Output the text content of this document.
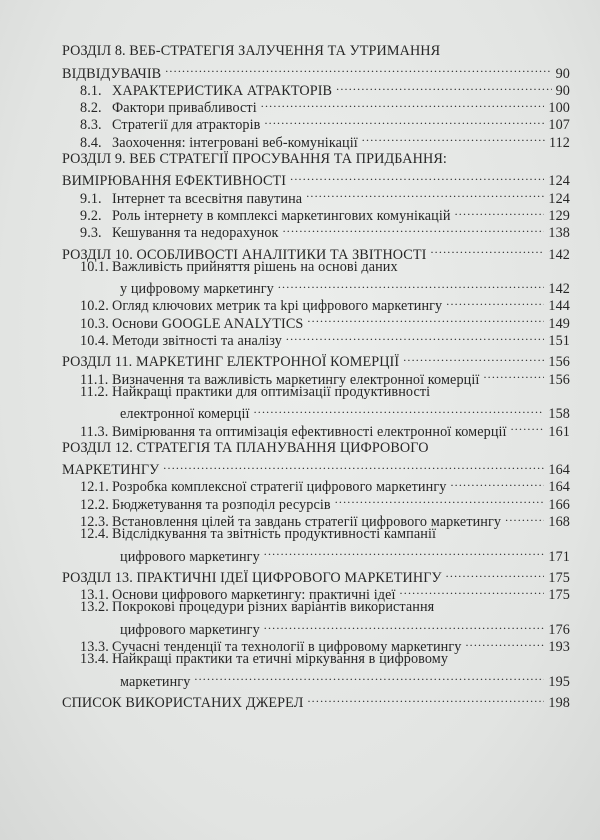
РОЗДІЛ 8. ВЕБ-СТРАТЕГІЯ ЗАЛУЧЕННЯ ТА УТРИМАННЯ
ВІДВІДУВАЧІВ .....	90
8.1. ХАРАКТЕРИСТИКА АТРАКТОРІВ .....	90
8.2. Фактори привабливості .....	100
8.3. Стратегії для атракторів .....	107
8.4. Заохочення: інтегровані веб-комунікації .....	112
РОЗДІЛ 9. ВЕБ СТРАТЕГІЇ ПРОСУВАННЯ ТА ПРИДБАННЯ:
ВИМІРЮВАННЯ ЕФЕКТИВНОСТІ .....	124
9.1. Інтернет та всесвітня павутина .....	124
9.2. Роль інтернету в комплексі маркетингових комунікацій .....	129
9.3. Кешування та недорахунок .....	138
РОЗДІЛ 10. ОСОБЛИВОСТІ АНАЛІТИКИ ТА ЗВІТНОСТІ .....	142
10.1. Важливість прийняття рішень на основі даних
у цифровому маркетингу .....	142
10.2. Огляд ключових метрик та kpi цифрового маркетингу .....	144
10.3. Основи GOOGLE ANALYTICS .....	149
10.4. Методи звітності та аналізу .....	151
РОЗДІЛ 11. МАРКЕТИНГ ЕЛЕКТРОННОЇ КОМЕРЦІЇ .....	156
11.1. Визначення та важливість маркетингу електронної комерції .....	156
11.2. Найкращі практики для оптимізації продуктивності
електронної комерції .....	158
11.3. Вимірювання та оптимізація ефективності електронної комерції .....	161
РОЗДІЛ 12. СТРАТЕГІЯ ТА ПЛАНУВАННЯ ЦИФРОВОГО
МАРКЕТИНГУ .....	164
12.1. Розробка комплексної стратегії цифрового маркетингу .....	164
12.2. Бюджетування та розподіл ресурсів .....	166
12.3. Встановлення цілей та завдань стратегії цифрового маркетингу .....	168
12.4. Відслідкування та звітність продуктивності кампанії
цифрового маркетингу .....	171
РОЗДІЛ 13. ПРАКТИЧНІ ІДЕЇ ЦИФРОВОГО МАРКЕТИНГУ .....	175
13.1. Основи цифрового маркетингу: практичні ідеї .....	175
13.2. Покрокові процедури різних варіантів використання
цифрового маркетингу .....	176
13.3. Сучасні тенденції та технології в цифровому маркетингу .....	193
13.4. Найкращі практики та етичні міркування в цифровому
маркетингу .....	195
СПИСОК ВИКОРИСТАНИХ ДЖЕРЕЛ .....	198
